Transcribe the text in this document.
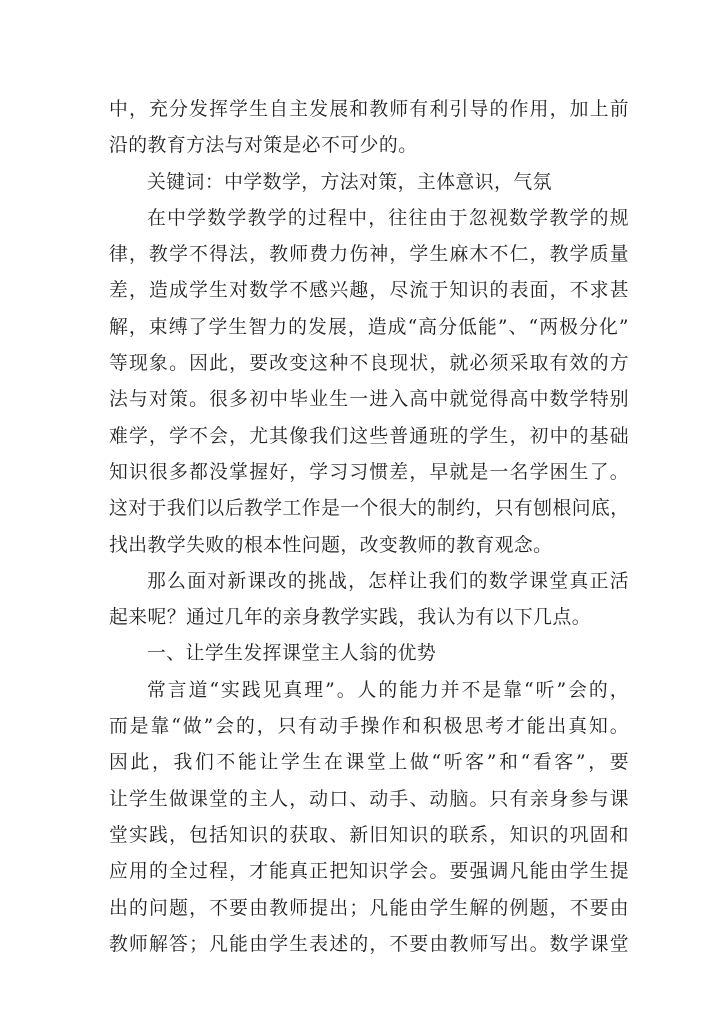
中，充分发挥学生自主发展和教师有利引导的作用，加上前
沿的教育方法与对策是必不可少的。
关键词：中学数学，方法对策，主体意识，气氛
在中学数学教学的过程中，往往由于忽视数学教学的规
律，教学不得法，教师费力伤神，学生麻木不仁，教学质量
差，造成学生对数学不感兴趣，尽流于知识的表面，不求甚
解，束缚了学生智力的发展，造成“高分低能”、“两极分化”
等现象。因此，要改变这种不良现状，就必须采取有效的方
法与对策。很多初中毕业生一进入高中就觉得高中数学特别
难学，学不会，尤其像我们这些普通班的学生，初中的基础
知识很多都没掌握好，学习习惯差，早就是一名学困生了。
这对于我们以后教学工作是一个很大的制约，只有刨根问底，
找出教学失败的根本性问题，改变教师的教育观念。
那么面对新课改的挑战，怎样让我们的数学课堂真正活
起来呢？通过几年的亲身教学实践，我认为有以下几点。
一、让学生发挥课堂主人翁的优势
常言道“实践见真理”。人的能力并不是靠“听”会的，
而是靠“做”会的，只有动手操作和积极思考才能出真知。
因此，我们不能让学生在课堂上做“听客”和“看客”，要
让学生做课堂的主人，动口、动手、动脑。只有亲身参与课
堂实践，包括知识的获取、新旧知识的联系，知识的巩固和
应用的全过程，才能真正把知识学会。要强调凡能由学生提
出的问题，不要由教师提出；凡能由学生解的例题，不要由
教师解答；凡能由学生表述的，不要由教师写出。数学课堂
